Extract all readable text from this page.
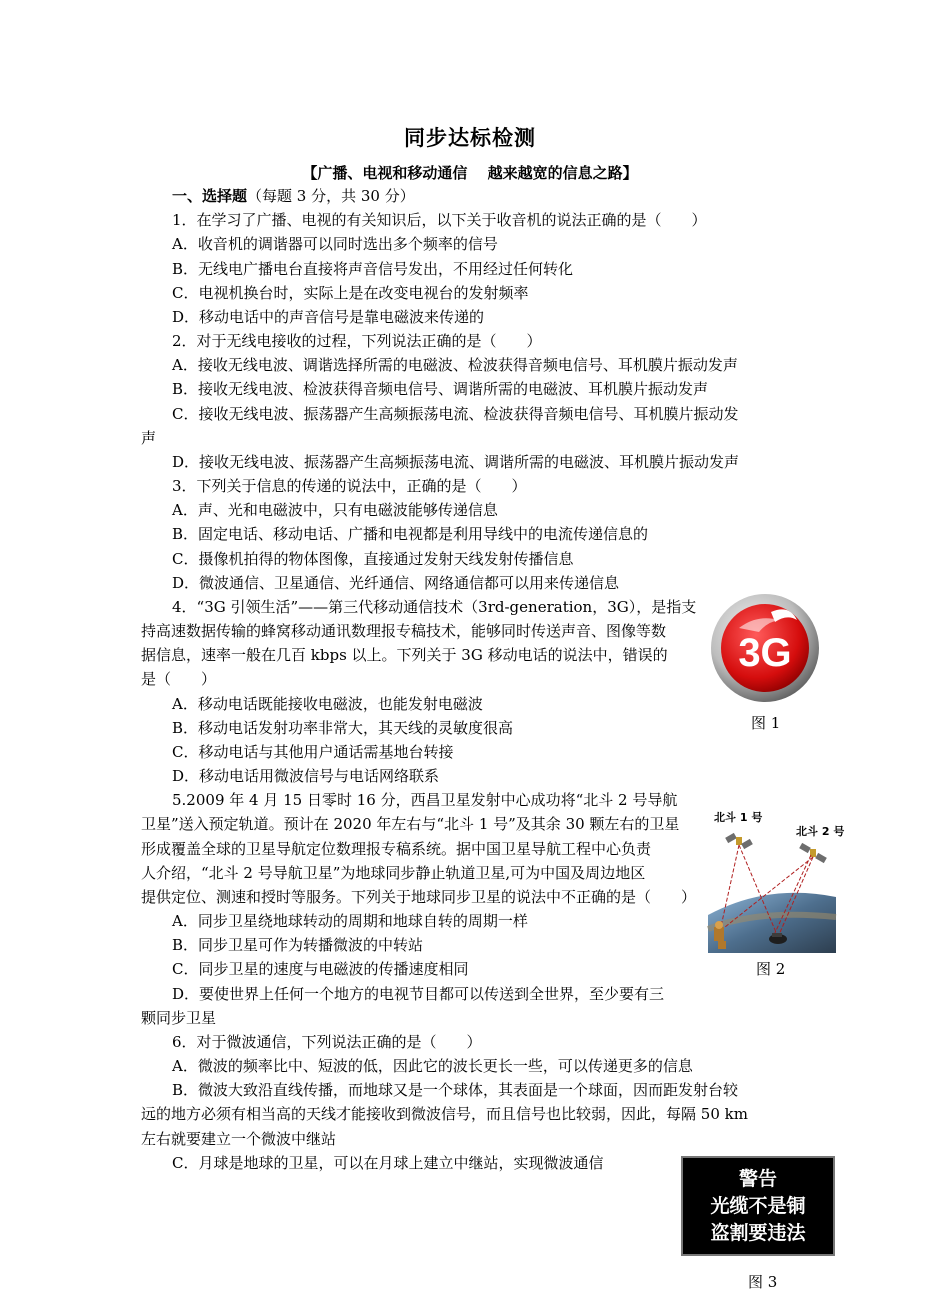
同步达标检测
【广播、电视和移动通信　 越来越宽的信息之路】
一、选择题（每题 3 分，共 30 分）
1．在学习了广播、电视的有关知识后，以下关于收音机的说法正确的是（　　）
A．收音机的调谐器可以同时选出多个频率的信号
B．无线电广播电台直接将声音信号发出，不用经过任何转化
C．电视机换台时，实际上是在改变电视台的发射频率
D．移动电话中的声音信号是靠电磁波来传递的
2．对于无线电接收的过程，下列说法正确的是（　　）
A．接收无线电波、调谐选择所需的电磁波、检波获得音频电信号、耳机膜片振动发声
B．接收无线电波、检波获得音频电信号、调谐所需的电磁波、耳机膜片振动发声
C．接收无线电波、振荡器产生高频振荡电流、检波获得音频电信号、耳机膜片振动发
声
D．接收无线电波、振荡器产生高频振荡电流、调谐所需的电磁波、耳机膜片振动发声
3．下列关于信息的传递的说法中，正确的是（　　）
A．声、光和电磁波中，只有电磁波能够传递信息
B．固定电话、移动电话、广播和电视都是利用导线中的电流传递信息的
C．摄像机拍得的物体图像，直接通过发射天线发射传播信息
D．微波通信、卫星通信、光纤通信、网络通信都可以用来传递信息
4．“3G 引领生活”——第三代移动通信技术（3rd-generation，3G），是指支
持高速数据传输的蜂窝移动通讯数理报专稿技术，能够同时传送声音、图像等数
据信息，速率一般在几百 kbps 以上。下列关于 3G 移动电话的说法中，错误的
是（　　）
A．移动电话既能接收电磁波，也能发射电磁波
B．移动电话发射功率非常大，其天线的灵敏度很高
C．移动电话与其他用户通话需基地台转接
D．移动电话用微波信号与电话网络联系
5.2009 年 4 月 15 日零时 16 分，西昌卫星发射中心成功将“北斗 2 号导航
卫星”送入预定轨道。预计在 2020 年左右与“北斗 1 号”及其余 30 颗左右的卫星
形成覆盖全球的卫星导航定位数理报专稿系统。据中国卫星导航工程中心负责
人介绍，“北斗 2 号导航卫星”为地球同步静止轨道卫星,可为中国及周边地区
提供定位、测速和授时等服务。下列关于地球同步卫星的说法中不正确的是（　　）
A．同步卫星绕地球转动的周期和地球自转的周期一样
B．同步卫星可作为转播微波的中转站
C．同步卫星的速度与电磁波的传播速度相同
D．要使世界上任何一个地方的电视节目都可以传送到全世界，至少要有三
颗同步卫星
6．对于微波通信，下列说法正确的是（　　）
A．微波的频率比中、短波的低，因此它的波长更长一些，可以传递更多的信息
B．微波大致沿直线传播，而地球又是一个球体，其表面是一个球面，因而距发射台较
远的地方必须有相当高的天线才能接收到微波信号，而且信号也比较弱，因此，每隔 50 km
左右就要建立一个微波中继站
C．月球是地球的卫星，可以在月球上建立中继站，实现微波通信
3G
图 1
北斗 1 号
北斗 2 号
图 2
警告
光缆不是铜
盗割要违法
图 3
